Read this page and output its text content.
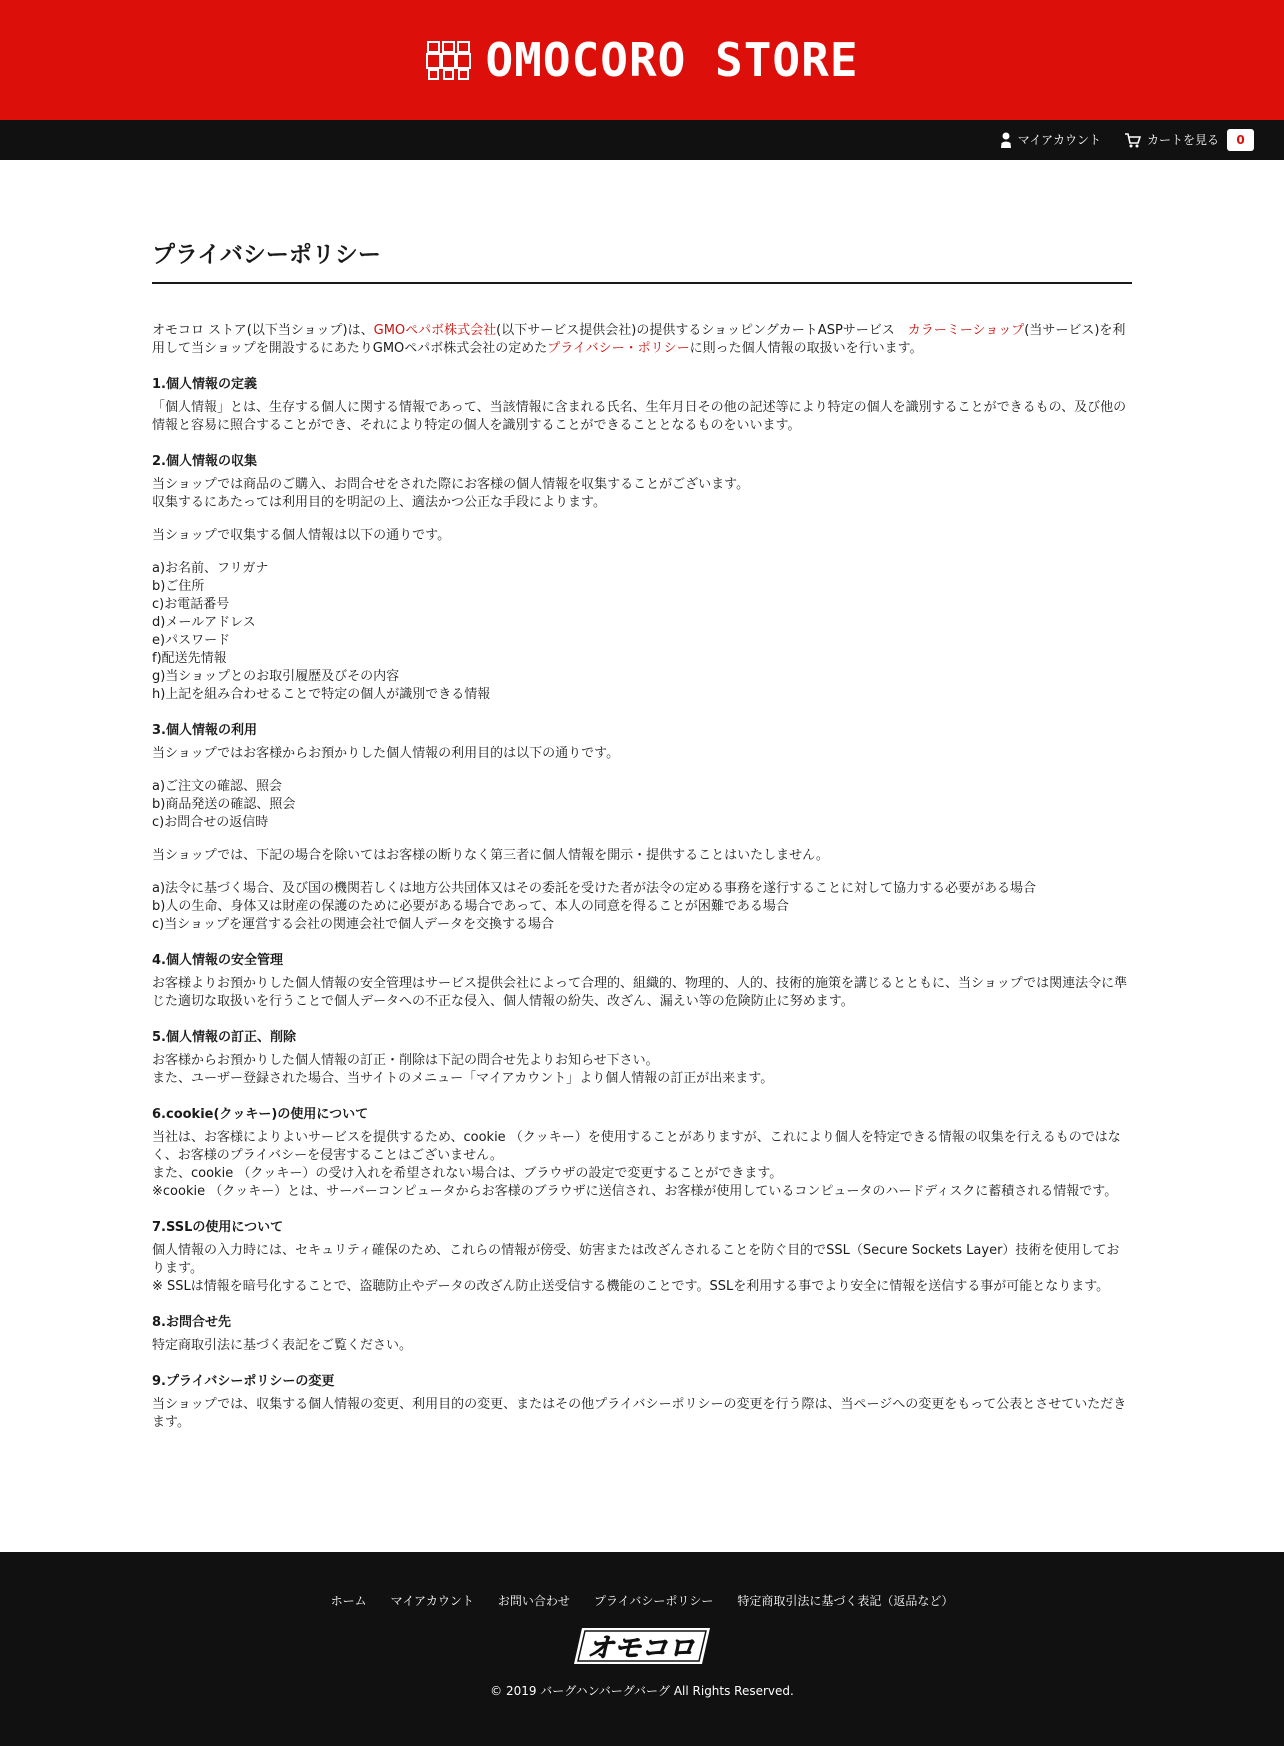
OMOCORO STORE
マイアカウント	カートを見る	0
プライバシーポリシー

オモコロ ストア(以下当ショップ)は、GMOペパボ株式会社(以下サービス提供会社)の提供するショッピングカートASPサービス　カラーミーショップ(当サービス)を利用して当ショップを開設するにあたりGMOペパボ株式会社の定めたプライバシー・ポリシーに則った個人情報の取扱いを行います。

1.個人情報の定義

「個人情報」とは、生存する個人に関する情報であって、当該情報に含まれる氏名、生年月日その他の記述等により特定の個人を識別することができるもの、及び他の情報と容易に照合することができ、それにより特定の個人を識別することができることとなるものをいいます。

2.個人情報の収集

当ショップでは商品のご購入、お問合せをされた際にお客様の個人情報を収集することがございます。

収集するにあたっては利用目的を明記の上、適法かつ公正な手段によります。

当ショップで収集する個人情報は以下の通りです。

a)お名前、フリガナ

b)ご住所

c)お電話番号

d)メールアドレス

e)パスワード

f)配送先情報

g)当ショップとのお取引履歴及びその内容

h)上記を組み合わせることで特定の個人が識別できる情報

3.個人情報の利用

当ショップではお客様からお預かりした個人情報の利用目的は以下の通りです。

a)ご注文の確認、照会

b)商品発送の確認、照会

c)お問合せの返信時

当ショップでは、下記の場合を除いてはお客様の断りなく第三者に個人情報を開示・提供することはいたしません。

a)法令に基づく場合、及び国の機関若しくは地方公共団体又はその委託を受けた者が法令の定める事務を遂行することに対して協力する必要がある場合

b)人の生命、身体又は財産の保護のために必要がある場合であって、本人の同意を得ることが困難である場合

c)当ショップを運営する会社の関連会社で個人データを交換する場合

4.個人情報の安全管理

お客様よりお預かりした個人情報の安全管理はサービス提供会社によって合理的、組織的、物理的、人的、技術的施策を講じるとともに、当ショップでは関連法令に準じた適切な取扱いを行うことで個人データへの不正な侵入、個人情報の紛失、改ざん、漏えい等の危険防止に努めます。

5.個人情報の訂正、削除

お客様からお預かりした個人情報の訂正・削除は下記の問合せ先よりお知らせ下さい。

また、ユーザー登録された場合、当サイトのメニュー「マイアカウント」より個人情報の訂正が出来ます。

6.cookie(クッキー)の使用について

当社は、お客様によりよいサービスを提供するため、cookie （クッキー）を使用することがありますが、これにより個人を特定できる情報の収集を行えるものではなく、お客様のプライバシーを侵害することはございません。

また、cookie （クッキー）の受け入れを希望されない場合は、ブラウザの設定で変更することができます。

※cookie （クッキー）とは、サーバーコンピュータからお客様のブラウザに送信され、お客様が使用しているコンピュータのハードディスクに蓄積される情報です。

7.SSLの使用について

個人情報の入力時には、セキュリティ確保のため、これらの情報が傍受、妨害または改ざんされることを防ぐ目的でSSL（Secure Sockets Layer）技術を使用しております。

※ SSLは情報を暗号化することで、盗聴防止やデータの改ざん防止送受信する機能のことです。SSLを利用する事でより安全に情報を送信する事が可能となります。

8.お問合せ先

特定商取引法に基づく表記をご覧ください。

9.プライバシーポリシーの変更

当ショップでは、収集する個人情報の変更、利用目的の変更、またはその他プライバシーポリシーの変更を行う際は、当ページへの変更をもって公表とさせていただきます。

ホーム マイアカウント お問い合わせ プライバシーポリシー 特定商取引法に基づく表記（返品など）
オモコロ
© 2019 バーグハンバーグバーグ All Rights Reserved.
